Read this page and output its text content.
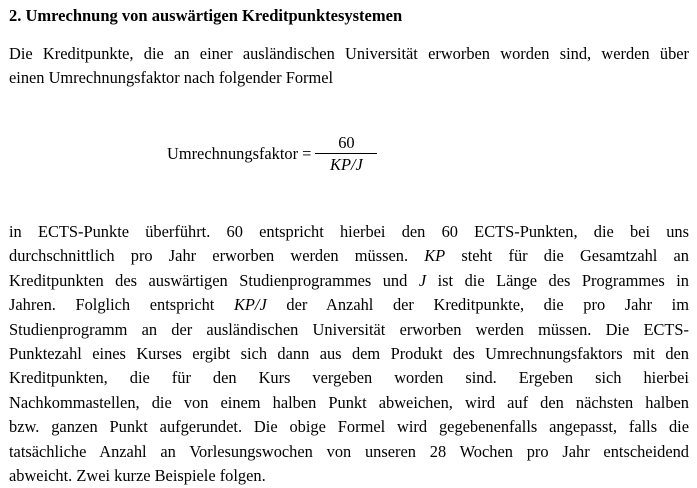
2. Umrechnung von auswärtigen Kreditpunktesystemen

Die Kreditpunkte, die an einer ausländischen Universität erworben worden sind, werden über
einen Umrechnungsfaktor nach folgender Formel

Umrechnungsfaktor = $\frac{60}{KP/J}$

in ECTS-Punkte überführt. 60 entspricht hierbei den 60 ECTS-Punkten, die bei uns
durchschnittlich pro Jahr erworben werden müssen. KP steht für die Gesamtzahl an
Kreditpunkten des auswärtigen Studienprogrammes und J ist die Länge des Programmes in
Jahren. Folglich entspricht KP/J der Anzahl der Kreditpunkte, die pro Jahr im
Studienprogramm an der ausländischen Universität erworben werden müssen. Die ECTS-
Punktezahl eines Kurses ergibt sich dann aus dem Produkt des Umrechnungsfaktors mit den
Kreditpunkten, die für den Kurs vergeben worden sind. Ergeben sich hierbei
Nachkommastellen, die von einem halben Punkt abweichen, wird auf den nächsten halben
bzw. ganzen Punkt aufgerundet. Die obige Formel wird gegebenenfalls angepasst, falls die
tatsächliche Anzahl an Vorlesungswochen von unseren 28 Wochen pro Jahr entscheidend
abweicht. Zwei kurze Beispiele folgen.
